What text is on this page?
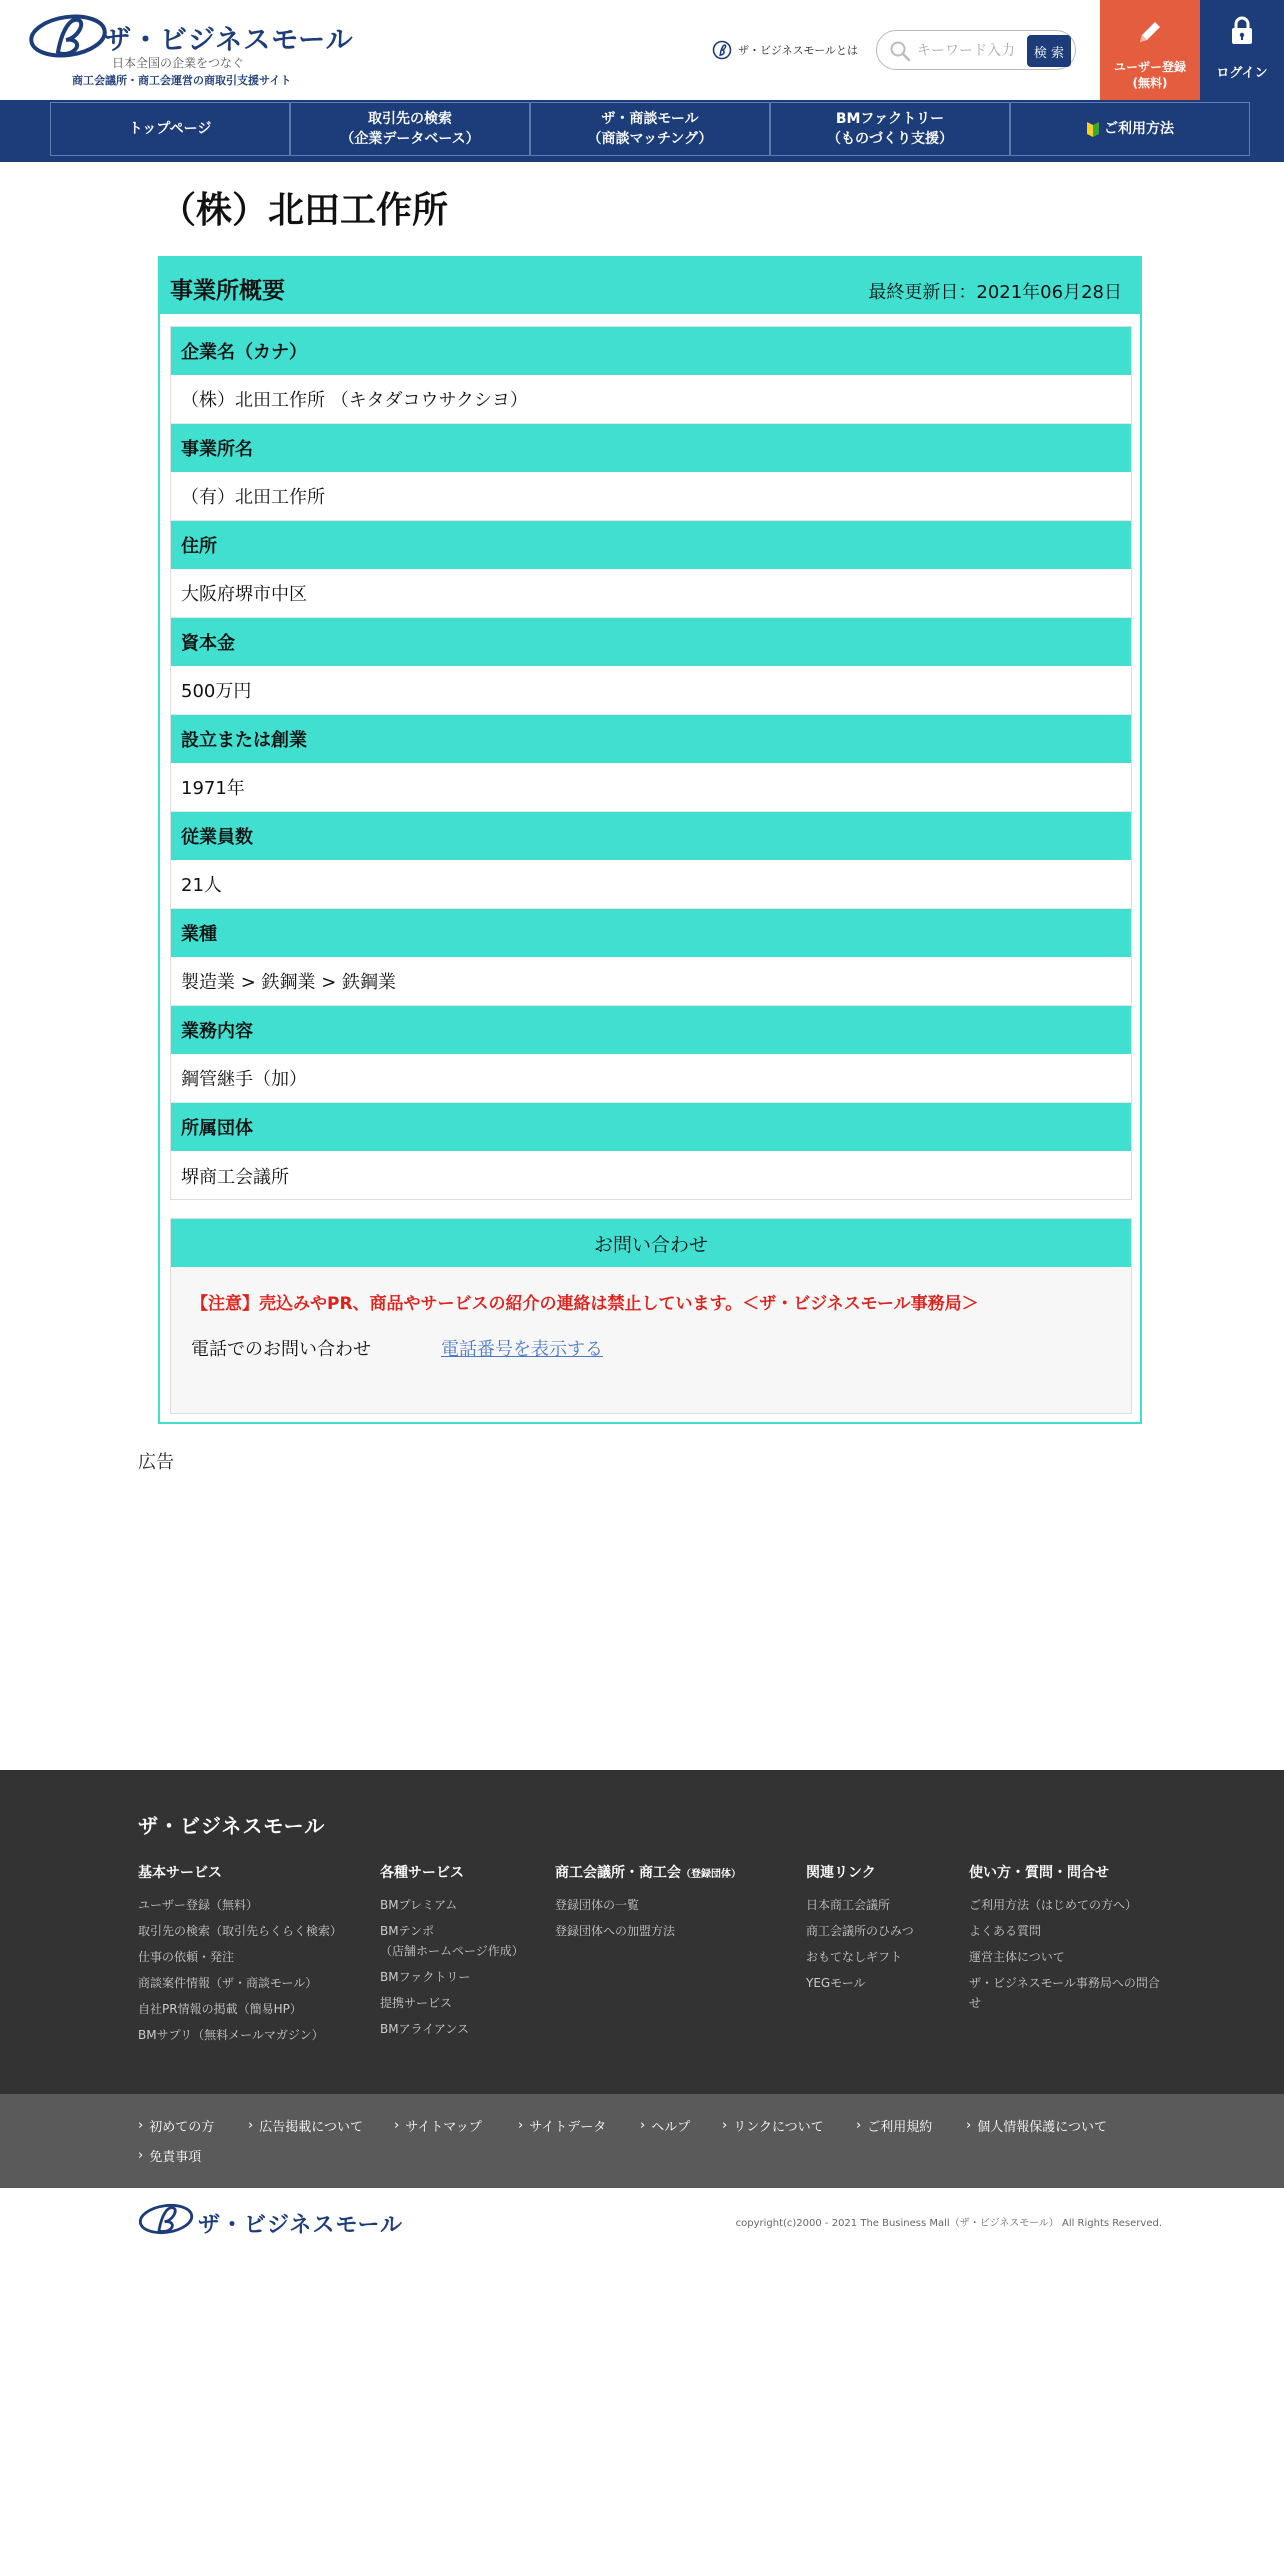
ザ・ビジネスモール
日本全国の企業をつなぐ
商工会議所・商工会運営の商取引支援サイト
ザ・ビジネスモールとは
キーワード入力	検 索
ユーザー登録
(無料)
ログイン
トップページ
取引先の検索
（企業データベース）
ザ・商談モール
（商談マッチング）
BMファクトリー
（ものづくり支援）
ご利用方法
（株）北田工作所
事業所概要	最終更新日：2021年06月28日
企業名（カナ）
（株）北田工作所 （キタダコウサクシヨ）
事業所名
（有）北田工作所
住所
大阪府堺市中区
資本金
500万円
設立または創業
1971年
従業員数
21人
業種
製造業 > 鉄鋼業 > 鉄鋼業
業務内容
鋼管継手（加）
所属団体
堺商工会議所
お問い合わせ
【注意】売込みやPR、商品やサービスの紹介の連絡は禁止しています。＜ザ・ビジネスモール事務局＞
電話でのお問い合わせ	電話番号を表示する
広告
ザ・ビジネスモール
基本サービス
ユーザー登録（無料）
取引先の検索（取引先らくらく検索）
仕事の依頼・発注
商談案件情報（ザ・商談モール）
自社PR情報の掲載（簡易HP）
BMサプリ（無料メールマガジン）
各種サービス
BMプレミアム
BMテンポ
（店舗ホームページ作成）
BMファクトリー
提携サービス
BMアライアンス
商工会議所・商工会（登録団体）
登録団体の一覧
登録団体への加盟方法
関連リンク
日本商工会議所
商工会議所のひみつ
おもてなしギフト
YEGモール
使い方・質問・問合せ
ご利用方法（はじめての方へ）
よくある質問
運営主体について
ザ・ビジネスモール事務局への問合せ
› 初めての方	› 広告掲載について › サイトマップ	› サイトデータ	› ヘルプ › リンクについて › ご利用規約	› 個人情報保護について
› 免責事項
ザ・ビジネスモール	copyright(c)2000 - 2021 The Business Mall（ザ・ビジネスモール） All Rights Reserved.
